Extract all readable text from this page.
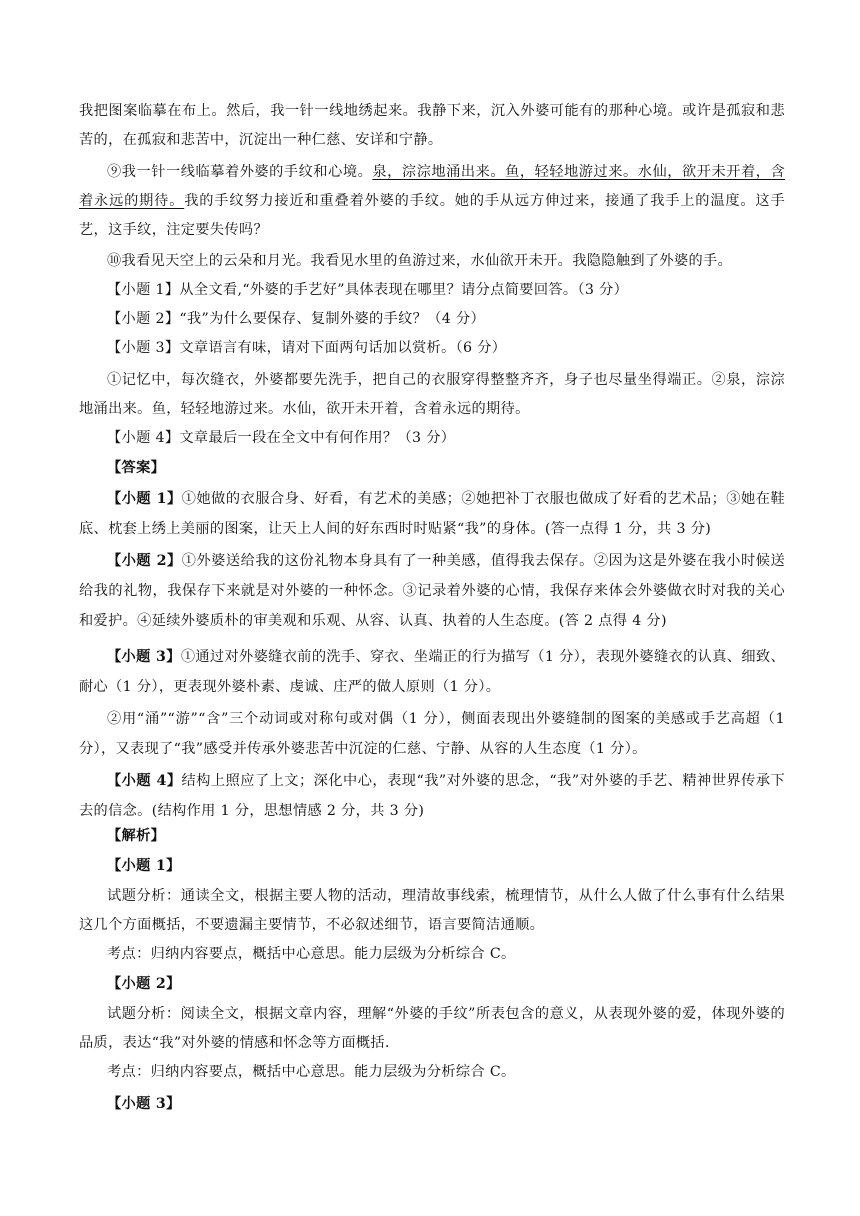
我把图案临摹在布上。然后，我一针一线地绣起来。我静下来，沉入外婆可能有的那种心境。或许是孤寂和悲苦的，在孤寂和悲苦中，沉淀出一种仁慈、安详和宁静。

⑨我一针一线临摹着外婆的手纹和心境。泉，淙淙地涌出来。鱼，轻轻地游过来。水仙，欲开未开着，含着永远的期待。我的手纹努力接近和重叠着外婆的手纹。她的手从远方伸过来，接通了我手上的温度。这手艺，这手纹，注定要失传吗？

⑩我看见天空上的云朵和月光。我看见水里的鱼游过来，水仙欲开未开。我隐隐触到了外婆的手。

【小题 1】从全文看,“外婆的手艺好”具体表现在哪里？请分点简要回答。（3 分）

【小题 2】“我”为什么要保存、复制外婆的手纹？（4 分）

【小题 3】文章语言有味，请对下面两句话加以赏析。（6 分）

①记忆中，每次缝衣，外婆都要先洗手，把自己的衣服穿得整整齐齐，身子也尽量坐得端正。②泉，淙淙地涌出来。鱼，轻轻地游过来。水仙，欲开未开着，含着永远的期待。

【小题 4】文章最后一段在全文中有何作用？（3 分）

【答案】

【小题 1】①她做的衣服合身、好看，有艺术的美感；②她把补丁衣服也做成了好看的艺术品；③她在鞋底、枕套上绣上美丽的图案，让天上人间的好东西时时贴紧“我”的身体。(答一点得 1 分，共 3 分)

【小题 2】①外婆送给我的这份礼物本身具有了一种美感，值得我去保存。②因为这是外婆在我小时候送给我的礼物，我保存下来就是对外婆的一种怀念。③记录着外婆的心情，我保存来体会外婆做衣时对我的关心和爱护。④延续外婆质朴的审美观和乐观、从容、认真、执着的人生态度。(答 2 点得 4 分)

【小题 3】①通过对外婆缝衣前的洗手、穿衣、坐端正的行为描写（1 分），表现外婆缝衣的认真、细致、耐心（1 分），更表现外婆朴素、虔诚、庄严的做人原则（1 分）。

②用“涌”“游”“含”三个动词或对称句或对偶（1 分），侧面表现出外婆缝制的图案的美感或手艺高超（1 分），又表现了“我”感受并传承外婆悲苦中沉淀的仁慈、宁静、从容的人生态度（1 分）。

【小题 4】结构上照应了上文；深化中心，表现“我”对外婆的思念，“我”对外婆的手艺、精神世界传承下去的信念。(结构作用 1 分，思想情感 2 分，共 3 分)

【解析】

【小题 1】

试题分析：通读全文，根据主要人物的活动，理清故事线索，梳理情节，从什么人做了什么事有什么结果这几个方面概括，不要遗漏主要情节，不必叙述细节，语言要简洁通顺。

考点：归纳内容要点，概括中心意思。能力层级为分析综合 C。

【小题 2】

试题分析：阅读全文，根据文章内容，理解“外婆的手纹”所表包含的意义，从表现外婆的爱，体现外婆的品质，表达“我”对外婆的情感和怀念等方面概括．

考点：归纳内容要点，概括中心意思。能力层级为分析综合 C。

【小题 3】
